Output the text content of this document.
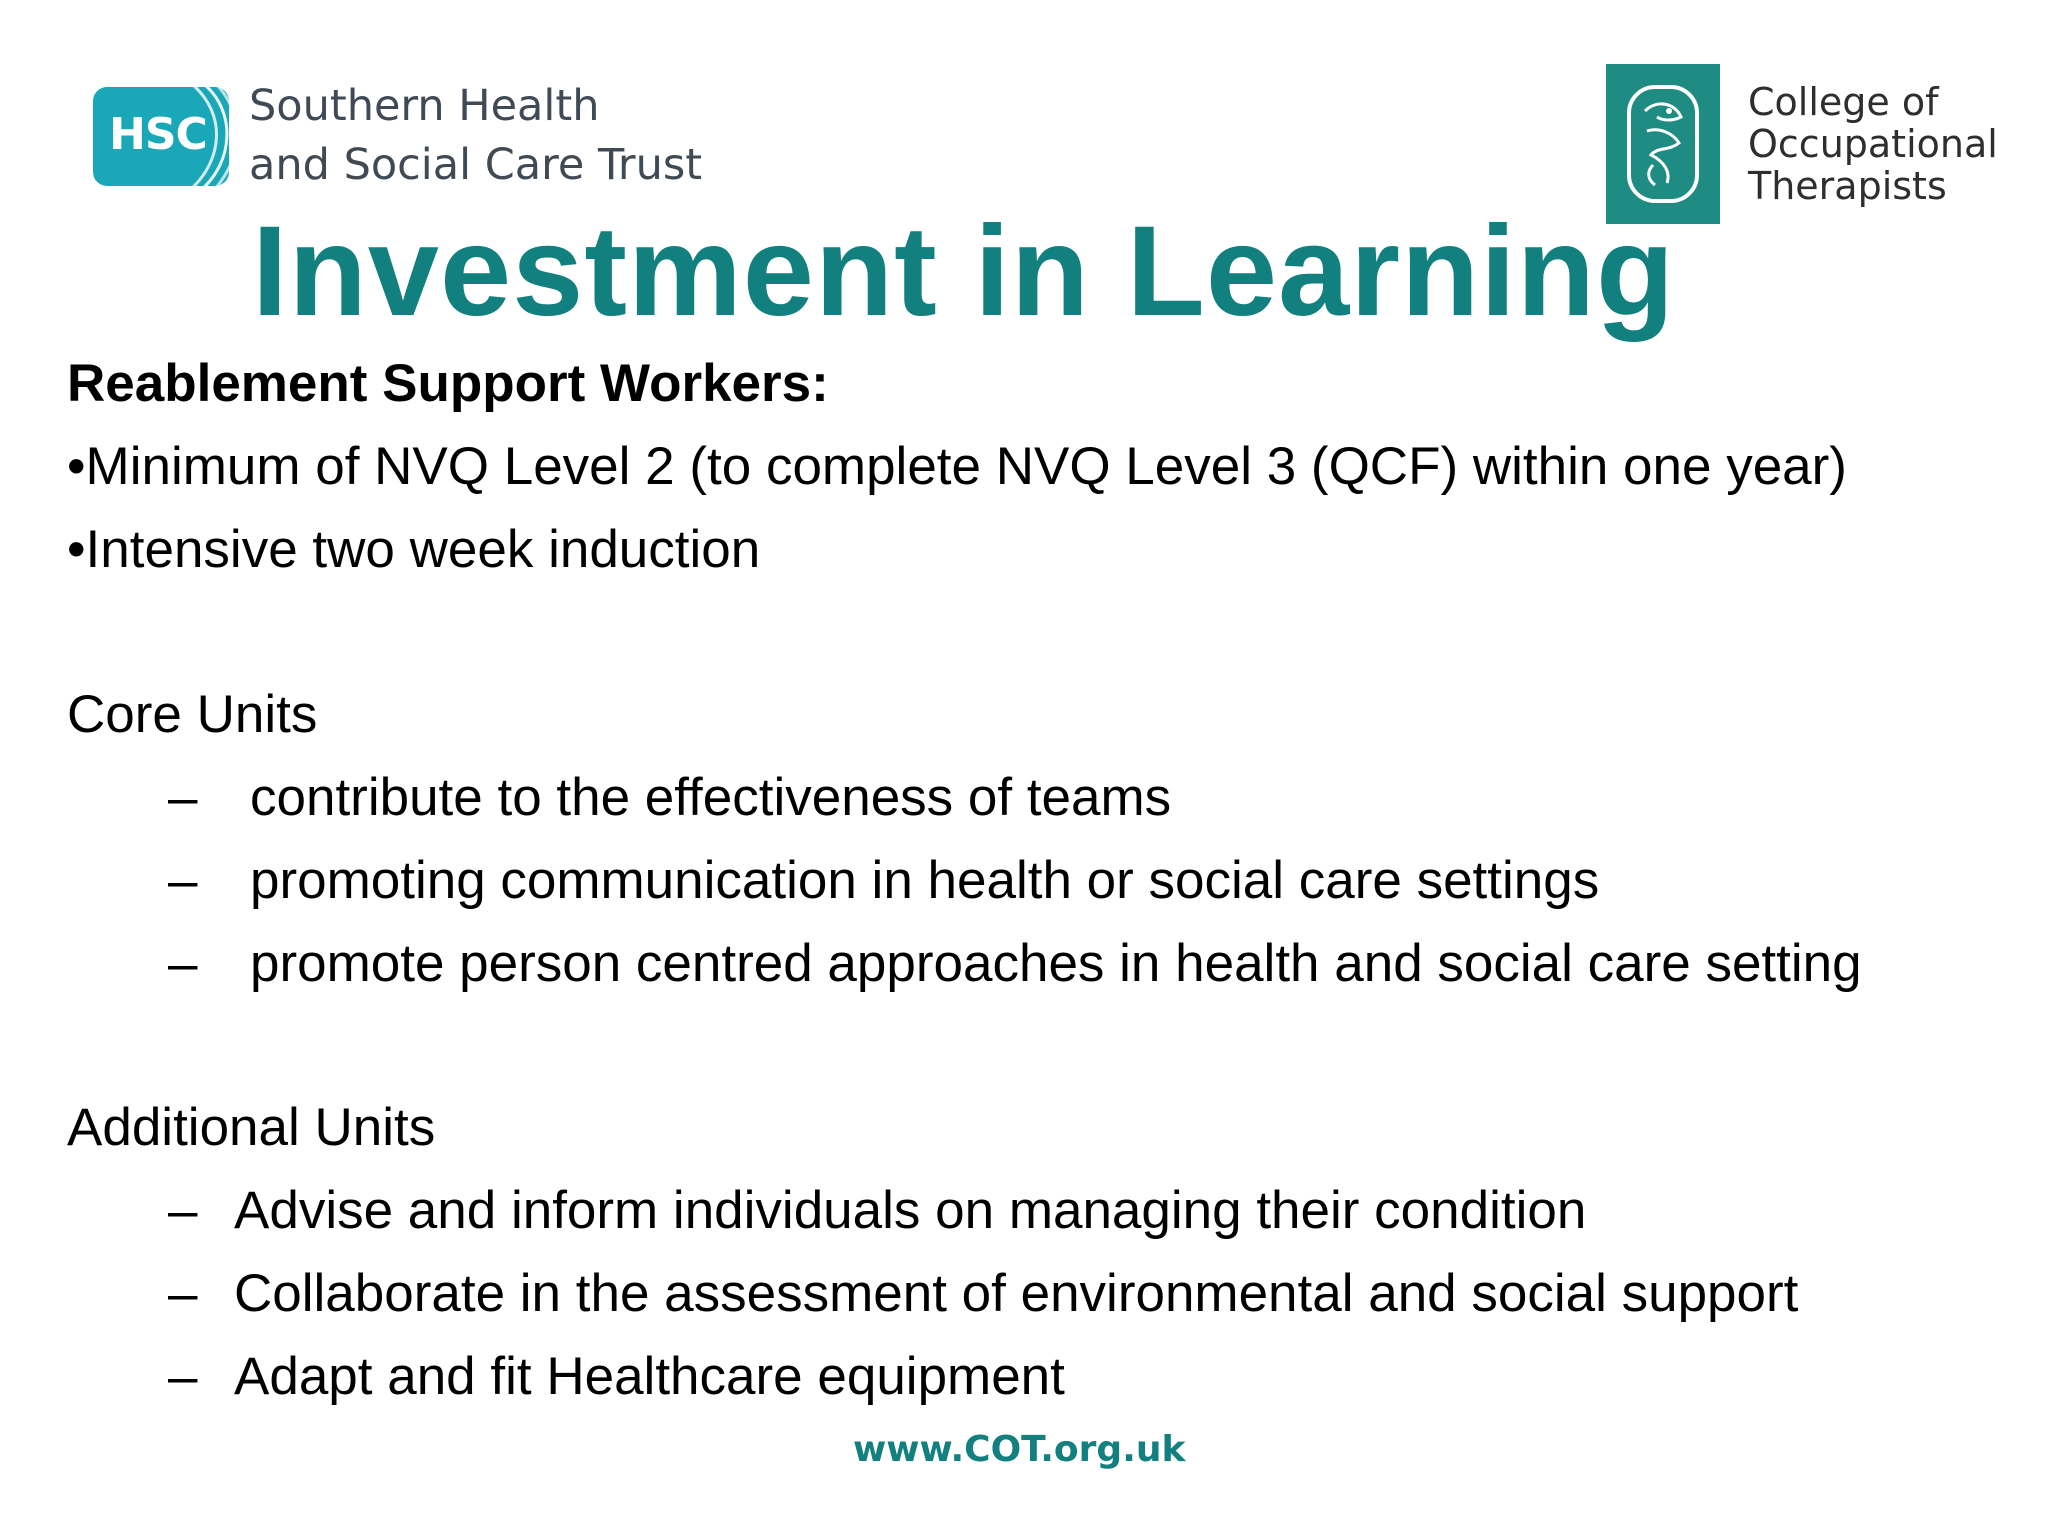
HSC
Southern Health
and Social Care Trust
College of
Occupational
Therapists
Investment in Learning
Reablement Support Workers:
•Minimum of NVQ Level 2 (to complete NVQ Level 3 (QCF) within one year)
•Intensive two week induction
Core Units
– contribute to the effectiveness of teams
– promoting communication in health or social care settings
– promote person centred approaches in health and social care setting
Additional Units
– Advise and inform individuals on managing their condition
– Collaborate in the assessment of environmental and social support
– Adapt and fit Healthcare equipment
www.COT.org.uk
